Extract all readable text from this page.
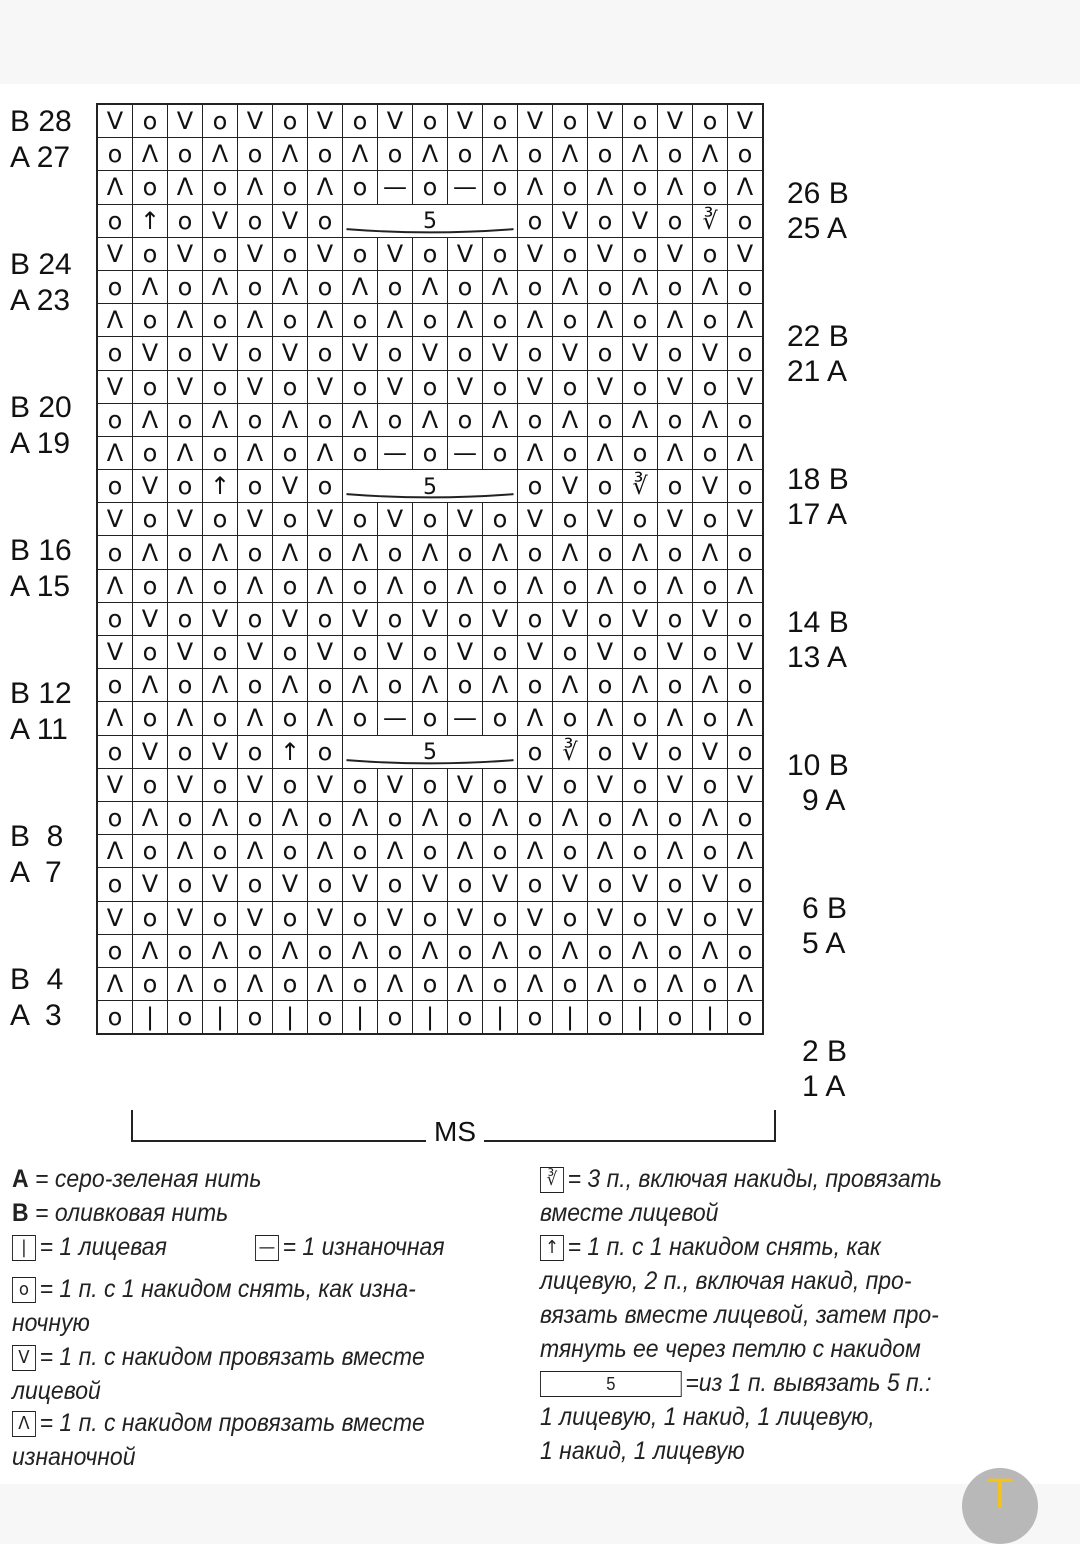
V	ο	V	ο	V	ο	V	ο	V	ο	V	ο	V	ο	V	ο	V	ο	V
ο	Λ	ο	Λ	ο	Λ	ο	Λ	ο	Λ	ο	Λ	ο	Λ	ο	Λ	ο	Λ	ο
Λ	ο	Λ	ο	Λ	ο	Λ	ο	—	ο	—	ο	Λ	ο	Λ	ο	Λ	ο	Λ
ο	↑	ο	V	ο	V	ο	5					ο	V	ο	V	ο	∛	ο
V	ο	V	ο	V	ο	V	ο	V	ο	V	ο	V	ο	V	ο	V	ο	V
ο	Λ	ο	Λ	ο	Λ	ο	Λ	ο	Λ	ο	Λ	ο	Λ	ο	Λ	ο	Λ	ο
Λ	ο	Λ	ο	Λ	ο	Λ	ο	Λ	ο	Λ	ο	Λ	ο	Λ	ο	Λ	ο	Λ
ο	V	ο	V	ο	V	ο	V	ο	V	ο	V	ο	V	ο	V	ο	V	ο
V	ο	V	ο	V	ο	V	ο	V	ο	V	ο	V	ο	V	ο	V	ο	V
ο	Λ	ο	Λ	ο	Λ	ο	Λ	ο	Λ	ο	Λ	ο	Λ	ο	Λ	ο	Λ	ο
Λ	ο	Λ	ο	Λ	ο	Λ	ο	—	ο	—	ο	Λ	ο	Λ	ο	Λ	ο	Λ
ο	V	ο	↑	ο	V	ο	5					ο	V	ο	∛	ο	V	ο
V	ο	V	ο	V	ο	V	ο	V	ο	V	ο	V	ο	V	ο	V	ο	V
ο	Λ	ο	Λ	ο	Λ	ο	Λ	ο	Λ	ο	Λ	ο	Λ	ο	Λ	ο	Λ	ο
Λ	ο	Λ	ο	Λ	ο	Λ	ο	Λ	ο	Λ	ο	Λ	ο	Λ	ο	Λ	ο	Λ
ο	V	ο	V	ο	V	ο	V	ο	V	ο	V	ο	V	ο	V	ο	V	ο
V	ο	V	ο	V	ο	V	ο	V	ο	V	ο	V	ο	V	ο	V	ο	V
ο	Λ	ο	Λ	ο	Λ	ο	Λ	ο	Λ	ο	Λ	ο	Λ	ο	Λ	ο	Λ	ο
Λ	ο	Λ	ο	Λ	ο	Λ	ο	—	ο	—	ο	Λ	ο	Λ	ο	Λ	ο	Λ
ο	V	ο	V	ο	↑	ο	5					ο	∛	ο	V	ο	V	ο
V	ο	V	ο	V	ο	V	ο	V	ο	V	ο	V	ο	V	ο	V	ο	V
ο	Λ	ο	Λ	ο	Λ	ο	Λ	ο	Λ	ο	Λ	ο	Λ	ο	Λ	ο	Λ	ο
Λ	ο	Λ	ο	Λ	ο	Λ	ο	Λ	ο	Λ	ο	Λ	ο	Λ	ο	Λ	ο	Λ
ο	V	ο	V	ο	V	ο	V	ο	V	ο	V	ο	V	ο	V	ο	V	ο
V	ο	V	ο	V	ο	V	ο	V	ο	V	ο	V	ο	V	ο	V	ο	V
ο	Λ	ο	Λ	ο	Λ	ο	Λ	ο	Λ	ο	Λ	ο	Λ	ο	Λ	ο	Λ	ο
Λ	ο	Λ	ο	Λ	ο	Λ	ο	Λ	ο	Λ	ο	Λ	ο	Λ	ο	Λ	ο	Λ
ο	|	ο	|	ο	|	ο	|	ο	|	ο	|	ο	|	ο	|	ο	|	ο
B 28
A 27
26 B
25 A
B 24
A 23
22 B
21 A
B 20
A 19
18 B
17 A
B 16
A 15
14 B
13 A
B 12
A 11
10 B
9 A
B  8
A  7
6 B
5 A
B  4
A  3
2 B
1 A
MS
A = серо-зеленая нить
B = оливковая нить
| = 1 лицевая	— = 1 изнаночная
ο = 1 п. с 1 накидом снять, как изна-
ночную
V = 1 п. с накидом провязать вместе
лицевой
Λ = 1 п. с накидом провязать вместе
изнаночной
∛ = 3 п., включая накиды, провязать
вместе лицевой
↑ = 1 п. с 1 накидом снять, как
лицевую, 2 п., включая накид, про-
вязать вместе лицевой, затем про-
тянуть ее через петлю с накидом
5	=из 1 п. вывязать 5 п.:
1 лицевую, 1 накид, 1 лицевую,
1 накид, 1 лицевую
T
